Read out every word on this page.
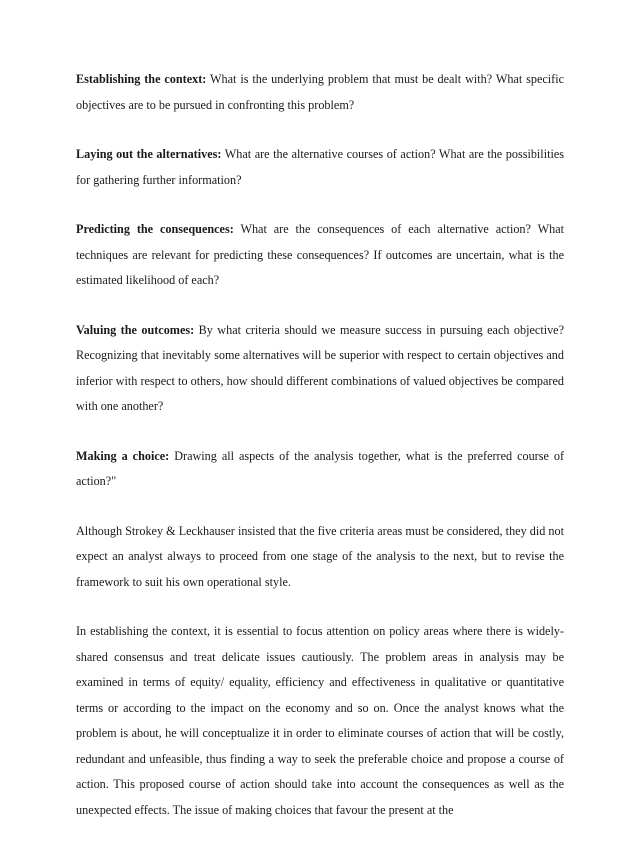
Establishing the context: What is the underlying problem that must be dealt with? What specific objectives are to be pursued in confronting this problem?

Laying out the alternatives: What are the alternative courses of action? What are the possibilities for gathering further information?

Predicting the consequences: What are the consequences of each alternative action? What techniques are relevant for predicting these consequences? If outcomes are uncertain, what is the estimated likelihood of each?

Valuing the outcomes: By what criteria should we measure success in pursuing each objective? Recognizing that inevitably some alternatives will be superior with respect to certain objectives and inferior with respect to others, how should different combinations of valued objectives be compared with one another?

Making a choice: Drawing all aspects of the analysis together, what is the preferred course of action?"

Although Strokey & Leckhauser insisted that the five criteria areas must be considered, they did not expect an analyst always to proceed from one stage of the analysis to the next, but to revise the framework to suit his own operational style.

In establishing the context, it is essential to focus attention on policy areas where there is widely-shared consensus and treat delicate issues cautiously. The problem areas in analysis may be examined in terms of equity/ equality, efficiency and effectiveness in qualitative or quantitative terms or according to the impact on the economy and so on. Once the analyst knows what the problem is about, he will conceptualize it in order to eliminate courses of action that will be costly, redundant and unfeasible, thus finding a way to seek the preferable choice and propose a course of action. This proposed course of action should take into account the consequences as well as the unexpected effects. The issue of making choices that favour the present at the
